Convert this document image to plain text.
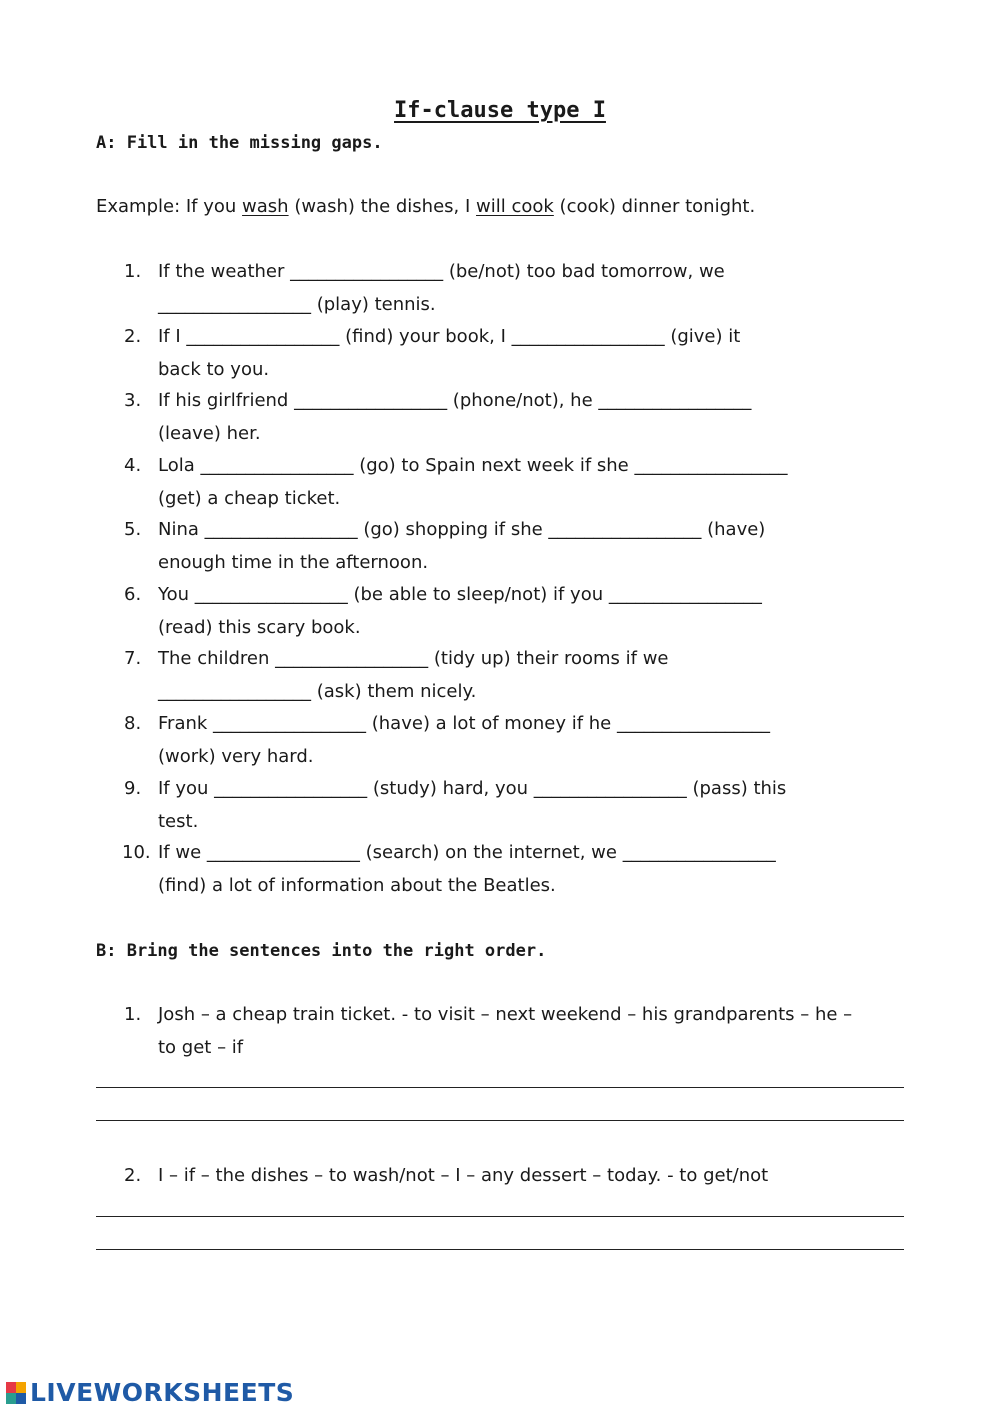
If-clause type I

A: Fill in the missing gaps.

Example: If you wash (wash) the dishes, I will cook (cook) dinner tonight.

1. If the weather _________________ (be/not) too bad tomorrow, we
_________________ (play) tennis.
2. If I _________________ (find) your book, I _________________ (give) it
back to you.
3. If his girlfriend _________________ (phone/not), he _________________
(leave) her.
4. Lola _________________ (go) to Spain next week if she _________________
(get) a cheap ticket.
5. Nina _________________ (go) shopping if she _________________ (have)
enough time in the afternoon.
6. You _________________ (be able to sleep/not) if you _________________
(read) this scary book.
7. The children _________________ (tidy up) their rooms if we
_________________ (ask) them nicely.
8. Frank _________________ (have) a lot of money if he _________________
(work) very hard.
9. If you _________________ (study) hard, you _________________ (pass) this
test.
10. If we _________________ (search) on the internet, we _________________
(find) a lot of information about the Beatles.

B: Bring the sentences into the right order.

1. Josh – a cheap train ticket. - to visit – next weekend – his grandparents – he –
to get – if
2. I – if – the dishes – to wash/not – I – any dessert – today. - to get/not
LIVEWORKSHEETS
